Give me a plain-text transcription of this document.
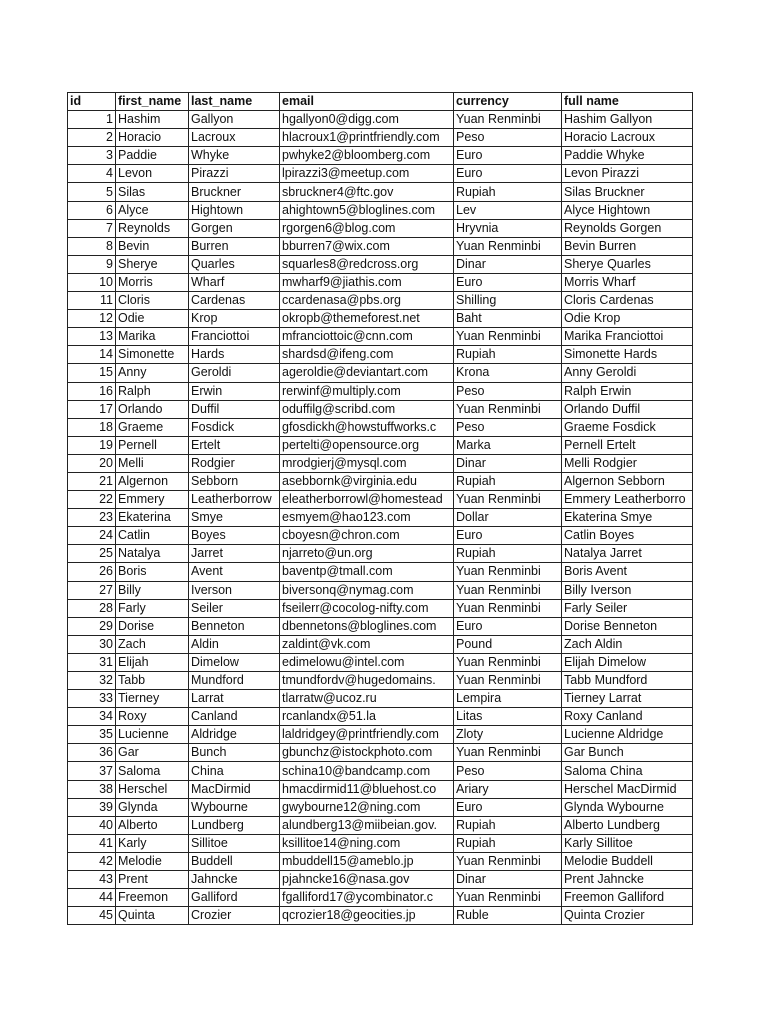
id	first_name	last_name	email	currency	full name
1	Hashim	Gallyon	hgallyon0@digg.com	Yuan Renminbi	Hashim Gallyon
2	Horacio	Lacroux	hlacroux1@printfriendly.com	Peso	Horacio Lacroux
3	Paddie	Whyke	pwhyke2@bloomberg.com	Euro	Paddie Whyke
4	Levon	Pirazzi	lpirazzi3@meetup.com	Euro	Levon Pirazzi
5	Silas	Bruckner	sbruckner4@ftc.gov	Rupiah	Silas Bruckner
6	Alyce	Hightown	ahightown5@bloglines.com	Lev	Alyce Hightown
7	Reynolds	Gorgen	rgorgen6@blog.com	Hryvnia	Reynolds Gorgen
8	Bevin	Burren	bburren7@wix.com	Yuan Renminbi	Bevin Burren
9	Sherye	Quarles	squarles8@redcross.org	Dinar	Sherye Quarles
10	Morris	Wharf	mwharf9@jiathis.com	Euro	Morris Wharf
11	Cloris	Cardenas	ccardenasa@pbs.org	Shilling	Cloris Cardenas
12	Odie	Krop	okropb@themeforest.net	Baht	Odie Krop
13	Marika	Franciottoi	mfranciottoic@cnn.com	Yuan Renminbi	Marika Franciottoi
14	Simonette	Hards	shardsd@ifeng.com	Rupiah	Simonette Hards
15	Anny	Geroldi	ageroldie@deviantart.com	Krona	Anny Geroldi
16	Ralph	Erwin	rerwinf@multiply.com	Peso	Ralph Erwin
17	Orlando	Duffil	oduffilg@scribd.com	Yuan Renminbi	Orlando Duffil
18	Graeme	Fosdick	gfosdickh@howstuffworks.c	Peso	Graeme Fosdick
19	Pernell	Ertelt	pertelti@opensource.org	Marka	Pernell Ertelt
20	Melli	Rodgier	mrodgierj@mysql.com	Dinar	Melli Rodgier
21	Algernon	Sebborn	asebbornk@virginia.edu	Rupiah	Algernon Sebborn
22	Emmery	Leatherborrow	eleatherborrowl@homestead	Yuan Renminbi	Emmery Leatherborro
23	Ekaterina	Smye	esmyem@hao123.com	Dollar	Ekaterina Smye
24	Catlin	Boyes	cboyesn@chron.com	Euro	Catlin Boyes
25	Natalya	Jarret	njarreto@un.org	Rupiah	Natalya Jarret
26	Boris	Avent	baventp@tmall.com	Yuan Renminbi	Boris Avent
27	Billy	Iverson	biversonq@nymag.com	Yuan Renminbi	Billy Iverson
28	Farly	Seiler	fseilerr@cocolog-nifty.com	Yuan Renminbi	Farly Seiler
29	Dorise	Benneton	dbennetons@bloglines.com	Euro	Dorise Benneton
30	Zach	Aldin	zaldint@vk.com	Pound	Zach Aldin
31	Elijah	Dimelow	edimelowu@intel.com	Yuan Renminbi	Elijah Dimelow
32	Tabb	Mundford	tmundfordv@hugedomains.	Yuan Renminbi	Tabb Mundford
33	Tierney	Larrat	tlarratw@ucoz.ru	Lempira	Tierney Larrat
34	Roxy	Canland	rcanlandx@51.la	Litas	Roxy Canland
35	Lucienne	Aldridge	laldridgey@printfriendly.com	Zloty	Lucienne Aldridge
36	Gar	Bunch	gbunchz@istockphoto.com	Yuan Renminbi	Gar Bunch
37	Saloma	China	schina10@bandcamp.com	Peso	Saloma China
38	Herschel	MacDirmid	hmacdirmid11@bluehost.co	Ariary	Herschel MacDirmid
39	Glynda	Wybourne	gwybourne12@ning.com	Euro	Glynda Wybourne
40	Alberto	Lundberg	alundberg13@miibeian.gov.	Rupiah	Alberto Lundberg
41	Karly	Sillitoe	ksillitoe14@ning.com	Rupiah	Karly Sillitoe
42	Melodie	Buddell	mbuddell15@ameblo.jp	Yuan Renminbi	Melodie Buddell
43	Prent	Jahncke	pjahncke16@nasa.gov	Dinar	Prent Jahncke
44	Freemon	Galliford	fgalliford17@ycombinator.c	Yuan Renminbi	Freemon Galliford
45	Quinta	Crozier	qcrozier18@geocities.jp	Ruble	Quinta Crozier
